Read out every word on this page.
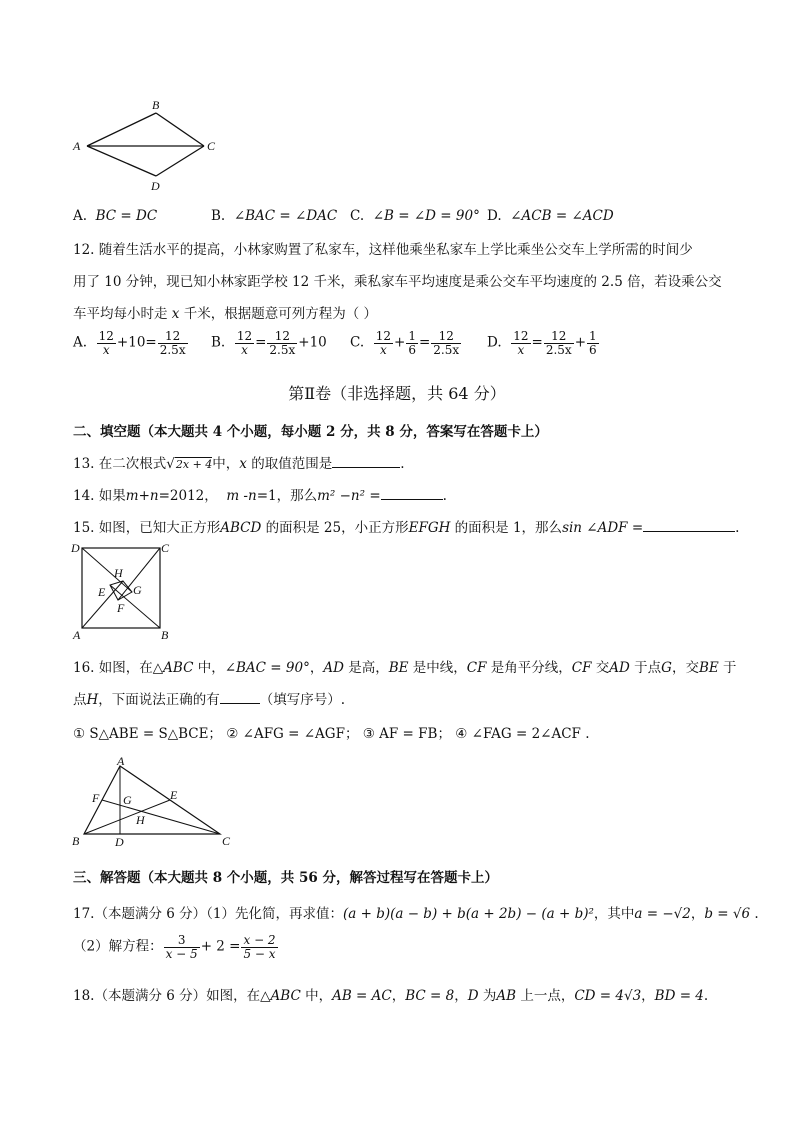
B
A	C
D
A. BC = DC	B. ∠BAC = ∠DAC C. ∠B = ∠D = 90° D. ∠ACB = ∠ACD
12. 随着生活水平的提高，小林家购置了私家车，这样他乘坐私家车上学比乘坐公交车上学所需的时间少
用了 10 分钟，现已知小林家距学校 12 千米，乘私家车平均速度是乘公交车平均速度的 2.5 倍，若设乘公交
车平均每小时走 x 千米，根据题意可列方程为（ ）
A. $\frac{12}{x} +10= \frac{12}{2.5x} B$. $\frac{12}{x} = \frac{12}{2.5x} +10$ C. $\frac{12}{x} + \frac{1}{6} = \frac{12}{2.5x} D$. $\frac{12}{x} = \frac{12}{2.5x} + \frac{1}{6}$
第Ⅱ卷（非选择题，共 64 分）
二、填空题（本大题共 4 个小题，每小题 2 分，共 8 分，答案写在答题卡上）
13. 在二次根式√2x + 4中，x 的取值范围是	.
14. 如果m+n=2012， m -n=1，那么m² −n² =	.
15. 如图，已知大正方形ABCD 的面积是 25，小正方形EFGH 的面积是 1，那么sin ∠ADF =	.
D	C
A	B
H
E G
F
16. 如图，在△ABC 中，∠BAC = 90°，AD 是高，BE 是中线，CF 是角平分线，CF 交AD 于点G，交BE 于
点H，下面说法正确的有	（填写序号）.
① S△ABE = S△BCE； ② ∠AFG = ∠AGF； ③ AF = FB； ④ ∠FAG = 2∠ACF .
A
B	C
D
E
F G
H
三、解答题（本大题共 8 个小题，共 56 分，解答过程写在答题卡上）
17.（本题满分 6 分）（1）先化简，再求值：(a + b)(a − b) + b(a + 2b) − (a + b)²，其中a = −√2，b = √6 .
（2）解方程： $\frac{3}{x - 5} + 2 = \frac{x - 2}{5 - x}$
18.（本题满分 6 分）如图，在△ABC 中，AB = AC，BC = 8，D 为AB 上一点，CD = 4√3，BD = 4.
